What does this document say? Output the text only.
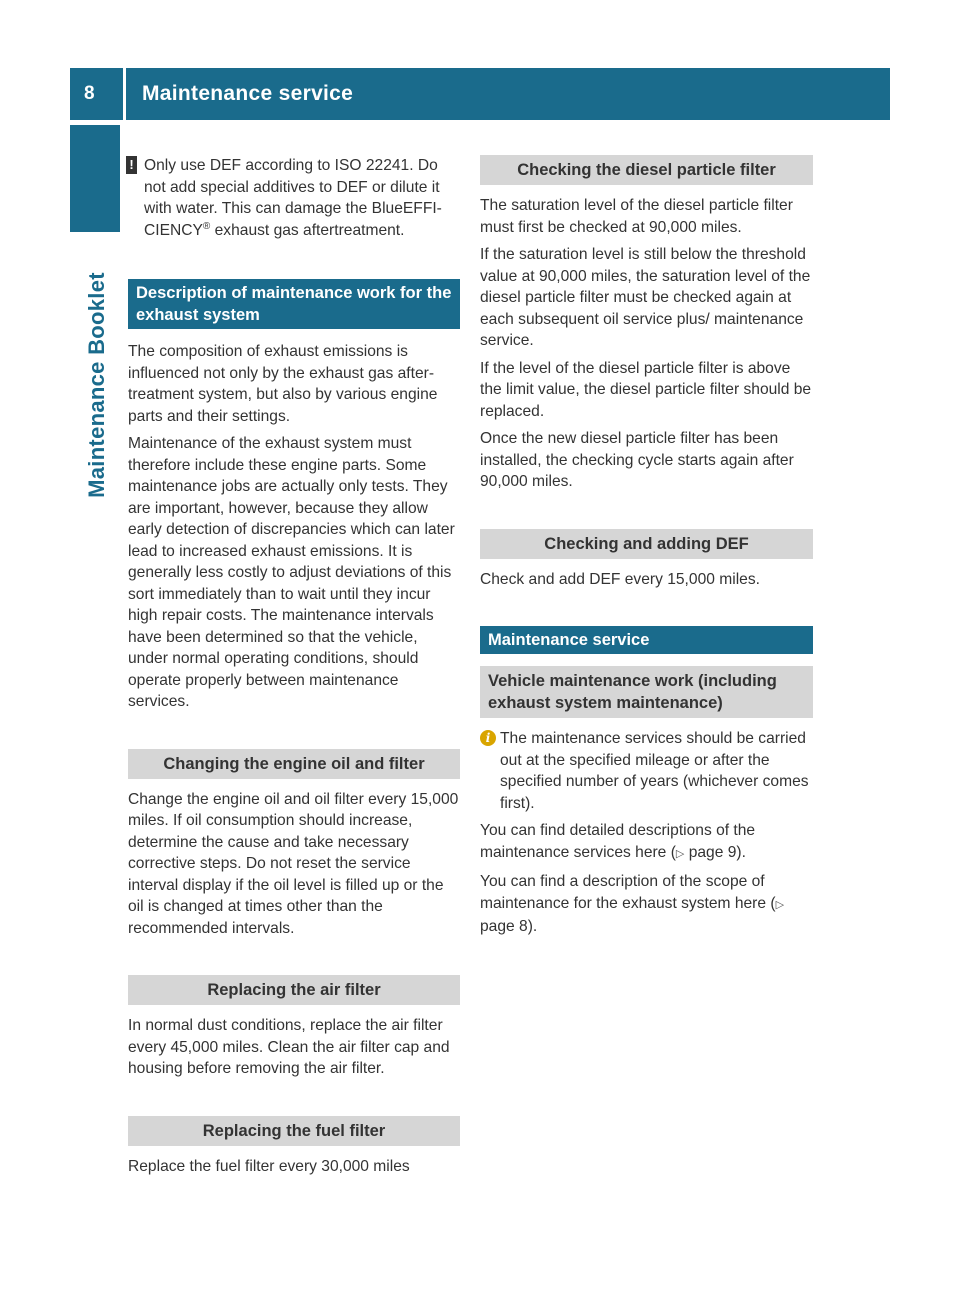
8	Maintenance service
Maintenance Booklet

! Only use DEF according to ISO 22241. Do not add special additives to DEF or dilute it with water. This can damage the BlueEFFICIENCY® exhaust gas aftertreatment.

Description of maintenance work for the exhaust system

The composition of exhaust emissions is influenced not only by the exhaust gas aftertreatment system, but also by various engine parts and their settings.

Maintenance of the exhaust system must therefore include these engine parts. Some maintenance jobs are actually only tests. They are important, however, because they allow early detection of discrepancies which can later lead to increased exhaust emissions. It is generally less costly to adjust deviations of this sort immediately than to wait until they incur high repair costs. The maintenance intervals have been determined so that the vehicle, under normal operating conditions, should operate properly between maintenance services.

Changing the engine oil and filter

Change the engine oil and oil filter every 15,000 miles. If oil consumption should increase, determine the cause and take necessary corrective steps. Do not reset the service interval display if the oil level is filled up or the oil is changed at times other than the recommended intervals.

Replacing the air filter

In normal dust conditions, replace the air filter every 45,000 miles. Clean the air filter cap and housing before removing the air filter.

Replacing the fuel filter

Replace the fuel filter every 30,000 miles

Checking the diesel particle filter

The saturation level of the diesel particle filter must first be checked at 90,000 miles.

If the saturation level is still below the threshold value at 90,000 miles, the saturation level of the diesel particle filter must be checked again at each subsequent oil service plus/ maintenance service.

If the level of the diesel particle filter is above the limit value, the diesel particle filter should be replaced.

Once the new diesel particle filter has been installed, the checking cycle starts again after 90,000 miles.

Checking and adding DEF

Check and add DEF every 15,000 miles.

Maintenance service
Vehicle maintenance work (including exhaust system maintenance)

i The maintenance services should be carried out at the specified mileage or after the specified number of years (whichever comes first).

You can find detailed descriptions of the maintenance services here (▷ page 9).

You can find a description of the scope of maintenance for the exhaust system here (▷ page 8).
